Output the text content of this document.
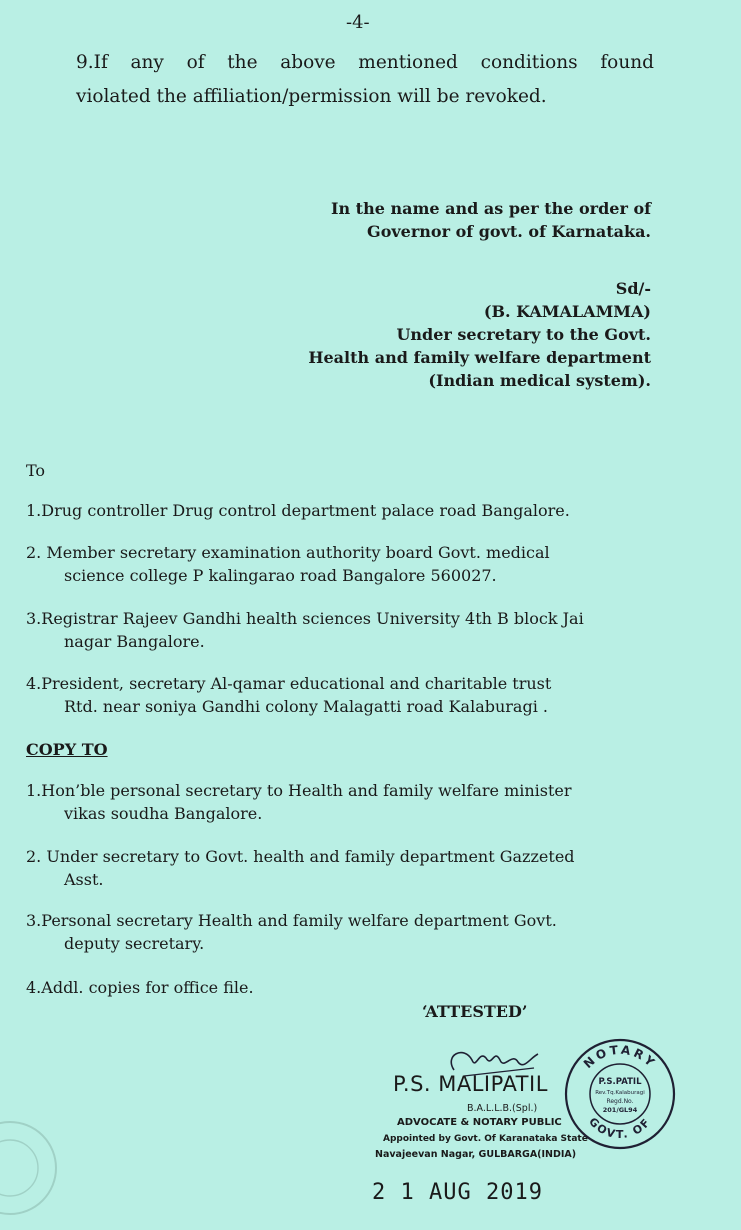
-4-
9.If any of the above mentioned conditions found
violated the affiliation/permission will be revoked.
In the name and as per the order of
Governor of govt. of Karnataka.
Sd/-
(B. KAMALAMMA)
Under secretary to the Govt.
Health and family welfare department
(Indian medical system).
To
1.Drug controller Drug control department palace road Bangalore.
2. Member secretary examination authority board Govt. medical
science college P kalingarao road Bangalore 560027.
3.Registrar Rajeev Gandhi health sciences University 4th B block Jai
nagar Bangalore.
4.President, secretary Al-qamar educational and charitable trust
Rtd. near soniya Gandhi colony Malagatti road Kalaburagi .
COPY TO
1.Hon’ble personal secretary to Health and family welfare minister
vikas soudha Bangalore.
2. Under secretary to Govt. health and family department Gazzeted
Asst.
3.Personal secretary Health and family welfare department Govt.
deputy secretary.
4.Addl. copies for office file.
‘ATTESTED’
P.S. MALIPATIL
B.A.L.L.B.(Spl.)
ADVOCATE & NOTARY PUBLIC
Appointed by Govt. Of Karanataka State
Navajeevan Nagar, GULBARGA(INDIA)
NOTARY
GOVT. OF
P.S.PATIL
Rev.Tq.Kalaburagi
Regd.No.
201/GL94
2 1 AUG 2019
